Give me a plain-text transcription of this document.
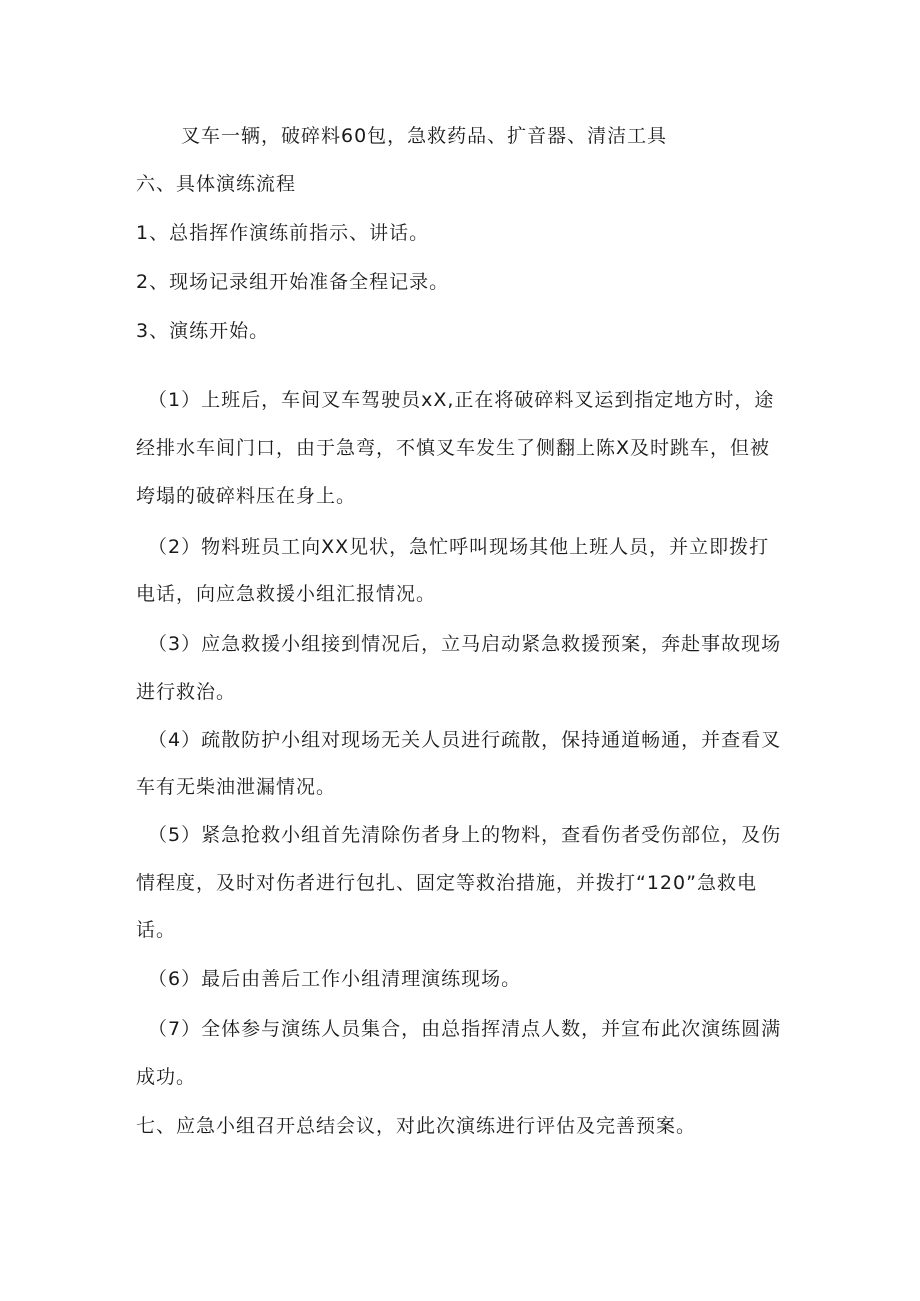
叉车一辆，破碎料60包，急救药品、扩音器、清洁工具
六、具体演练流程
1、总指挥作演练前指示、讲话。
2、现场记录组开始准备全程记录。
3、演练开始。
（1）上班后，车间叉车驾驶员xX,正在将破碎料叉运到指定地方时，途
经排水车间门口，由于急弯，不慎叉车发生了侧翻上陈X及时跳车，但被
垮塌的破碎料压在身上。
（2）物料班员工向XX见状，急忙呼叫现场其他上班人员，并立即拨打
电话，向应急救援小组汇报情况。
（3）应急救援小组接到情况后，立马启动紧急救援预案，奔赴事故现场
进行救治。
（4）疏散防护小组对现场无关人员进行疏散，保持通道畅通，并查看叉
车有无柴油泄漏情况。
（5）紧急抢救小组首先清除伤者身上的物料，查看伤者受伤部位，及伤
情程度，及时对伤者进行包扎、固定等救治措施，并拨打“120”急救电
话。
（6）最后由善后工作小组清理演练现场。
（7）全体参与演练人员集合，由总指挥清点人数，并宣布此次演练圆满
成功。
七、应急小组召开总结会议，对此次演练进行评估及完善预案。
